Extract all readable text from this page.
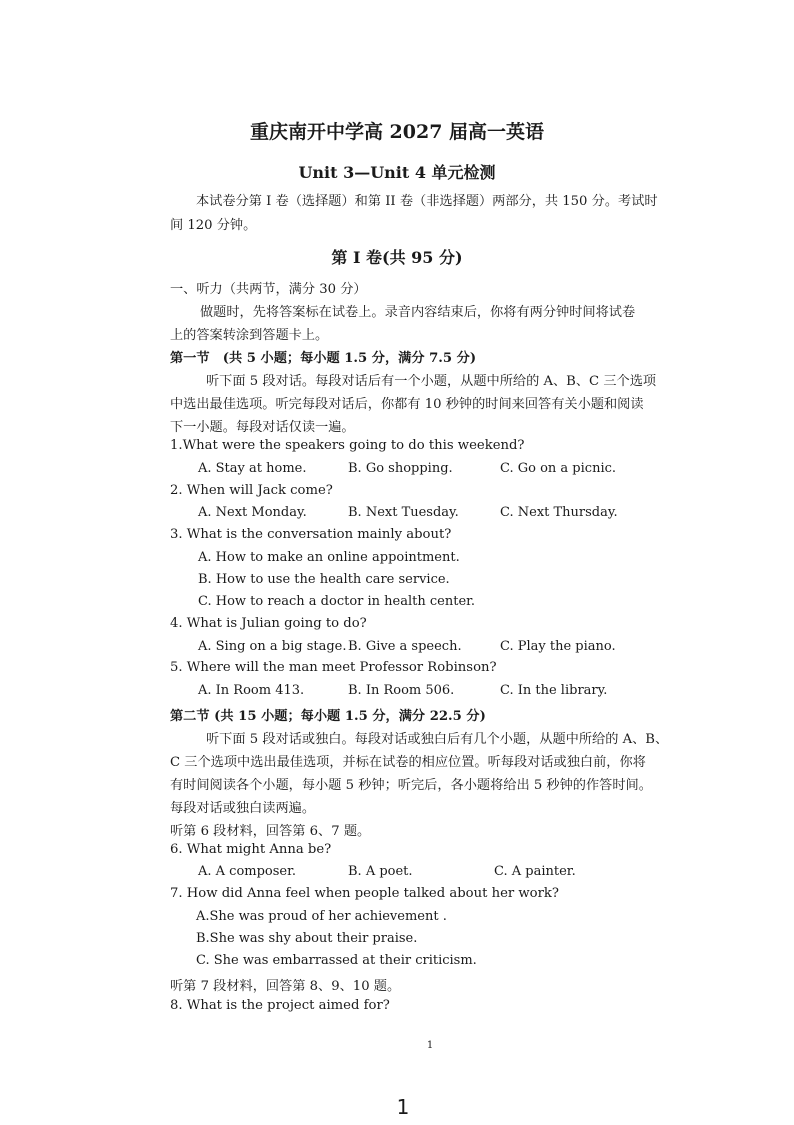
重庆南开中学高 2027 届高一英语
Unit 3—Unit 4 单元检测
本试卷分第 I 卷（选择题）和第 II 卷（非选择题）两部分，共 150 分。考试时
间 120 分钟。
第 I 卷(共 95 分)
一、听力（共两节，满分 30 分）
做题时，先将答案标在试卷上。录音内容结束后，你将有两分钟时间将试卷
上的答案转涂到答题卡上。
第一节　(共 5 小题；每小题 1.5 分，满分 7.5 分)
听下面 5 段对话。每段对话后有一个小题，从题中所给的 A、B、C 三个选项
中选出最佳选项。听完每段对话后，你都有 10 秒钟的时间来回答有关小题和阅读
下一小题。每段对话仅读一遍。
1.What were the speakers going to do this weekend?
A. Stay at home.	B. Go shopping.	C. Go on a picnic.
2. When will Jack come?
A. Next Monday.	B. Next Tuesday.	C. Next Thursday.
3. What is the conversation mainly about?
A. How to make an online appointment.
B. How to use the health care service.
C. How to reach a doctor in health center.
4. What is Julian going to do?
A. Sing on a big stage. B. Give a speech.	C. Play the piano.
5. Where will the man meet Professor Robinson?
A. In Room 413.	B. In Room 506.	C. In the library.
第二节 (共 15 小题；每小题 1.5 分，满分 22.5 分)
听下面 5 段对话或独白。每段对话或独白后有几个小题，从题中所给的 A、B、
C 三个选项中选出最佳选项，并标在试卷的相应位置。听每段对话或独白前，你将
有时间阅读各个小题，每小题 5 秒钟；听完后，各小题将给出 5 秒钟的作答时间。
每段对话或独白读两遍。
听第 6 段材料，回答第 6、7 题。
6. What might Anna be?
A. A composer.	B. A poet.	C. A painter.
7. How did Anna feel when people talked about her work?
A.She was proud of her achievement .
B.She was shy about their praise.
C. She was embarrassed at their criticism.
听第 7 段材料，回答第 8、9、10 题。
8. What is the project aimed for?
1
1
